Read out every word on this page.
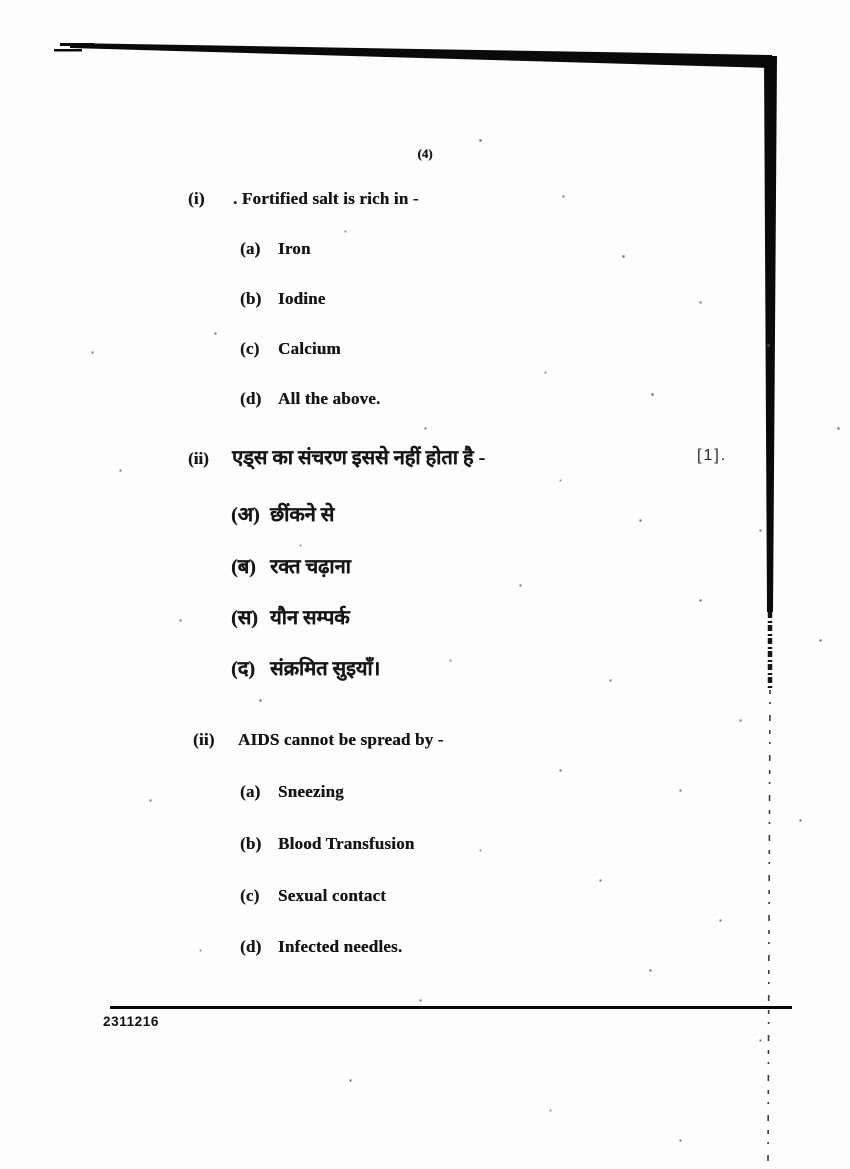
(4)
(i) . Fortified salt is rich in -
(a) Iron
(b) Iodine
(c) Calcium
(d) All the above.
(ii) एड्स का संचरण इससे नहीं होता है -	[1].
(अ) छींकने से
(ब) रक्त चढ़ाना
(स) यौन सम्पर्क
(द) संक्रमित सुइयाँ।
(ii) AIDS cannot be spread by -
(a) Sneezing
(b) Blood Transfusion
(c) Sexual contact
(d) Infected needles.
2311216
